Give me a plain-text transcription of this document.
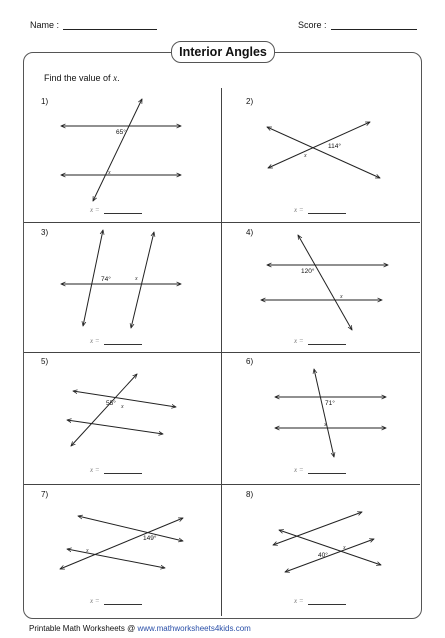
Name :	Score :
Interior Angles
Find the value of x.
1)	2)
3)	4)
5)	6)
7)	8)
x =	x =
x =	x =
x =	x =
x =	x =
65°
x
114°
x
74°	x
120°
x
55° x	71°
x
149°
x
40°
x
Printable Math Worksheets @ www.mathworksheets4kids.com
